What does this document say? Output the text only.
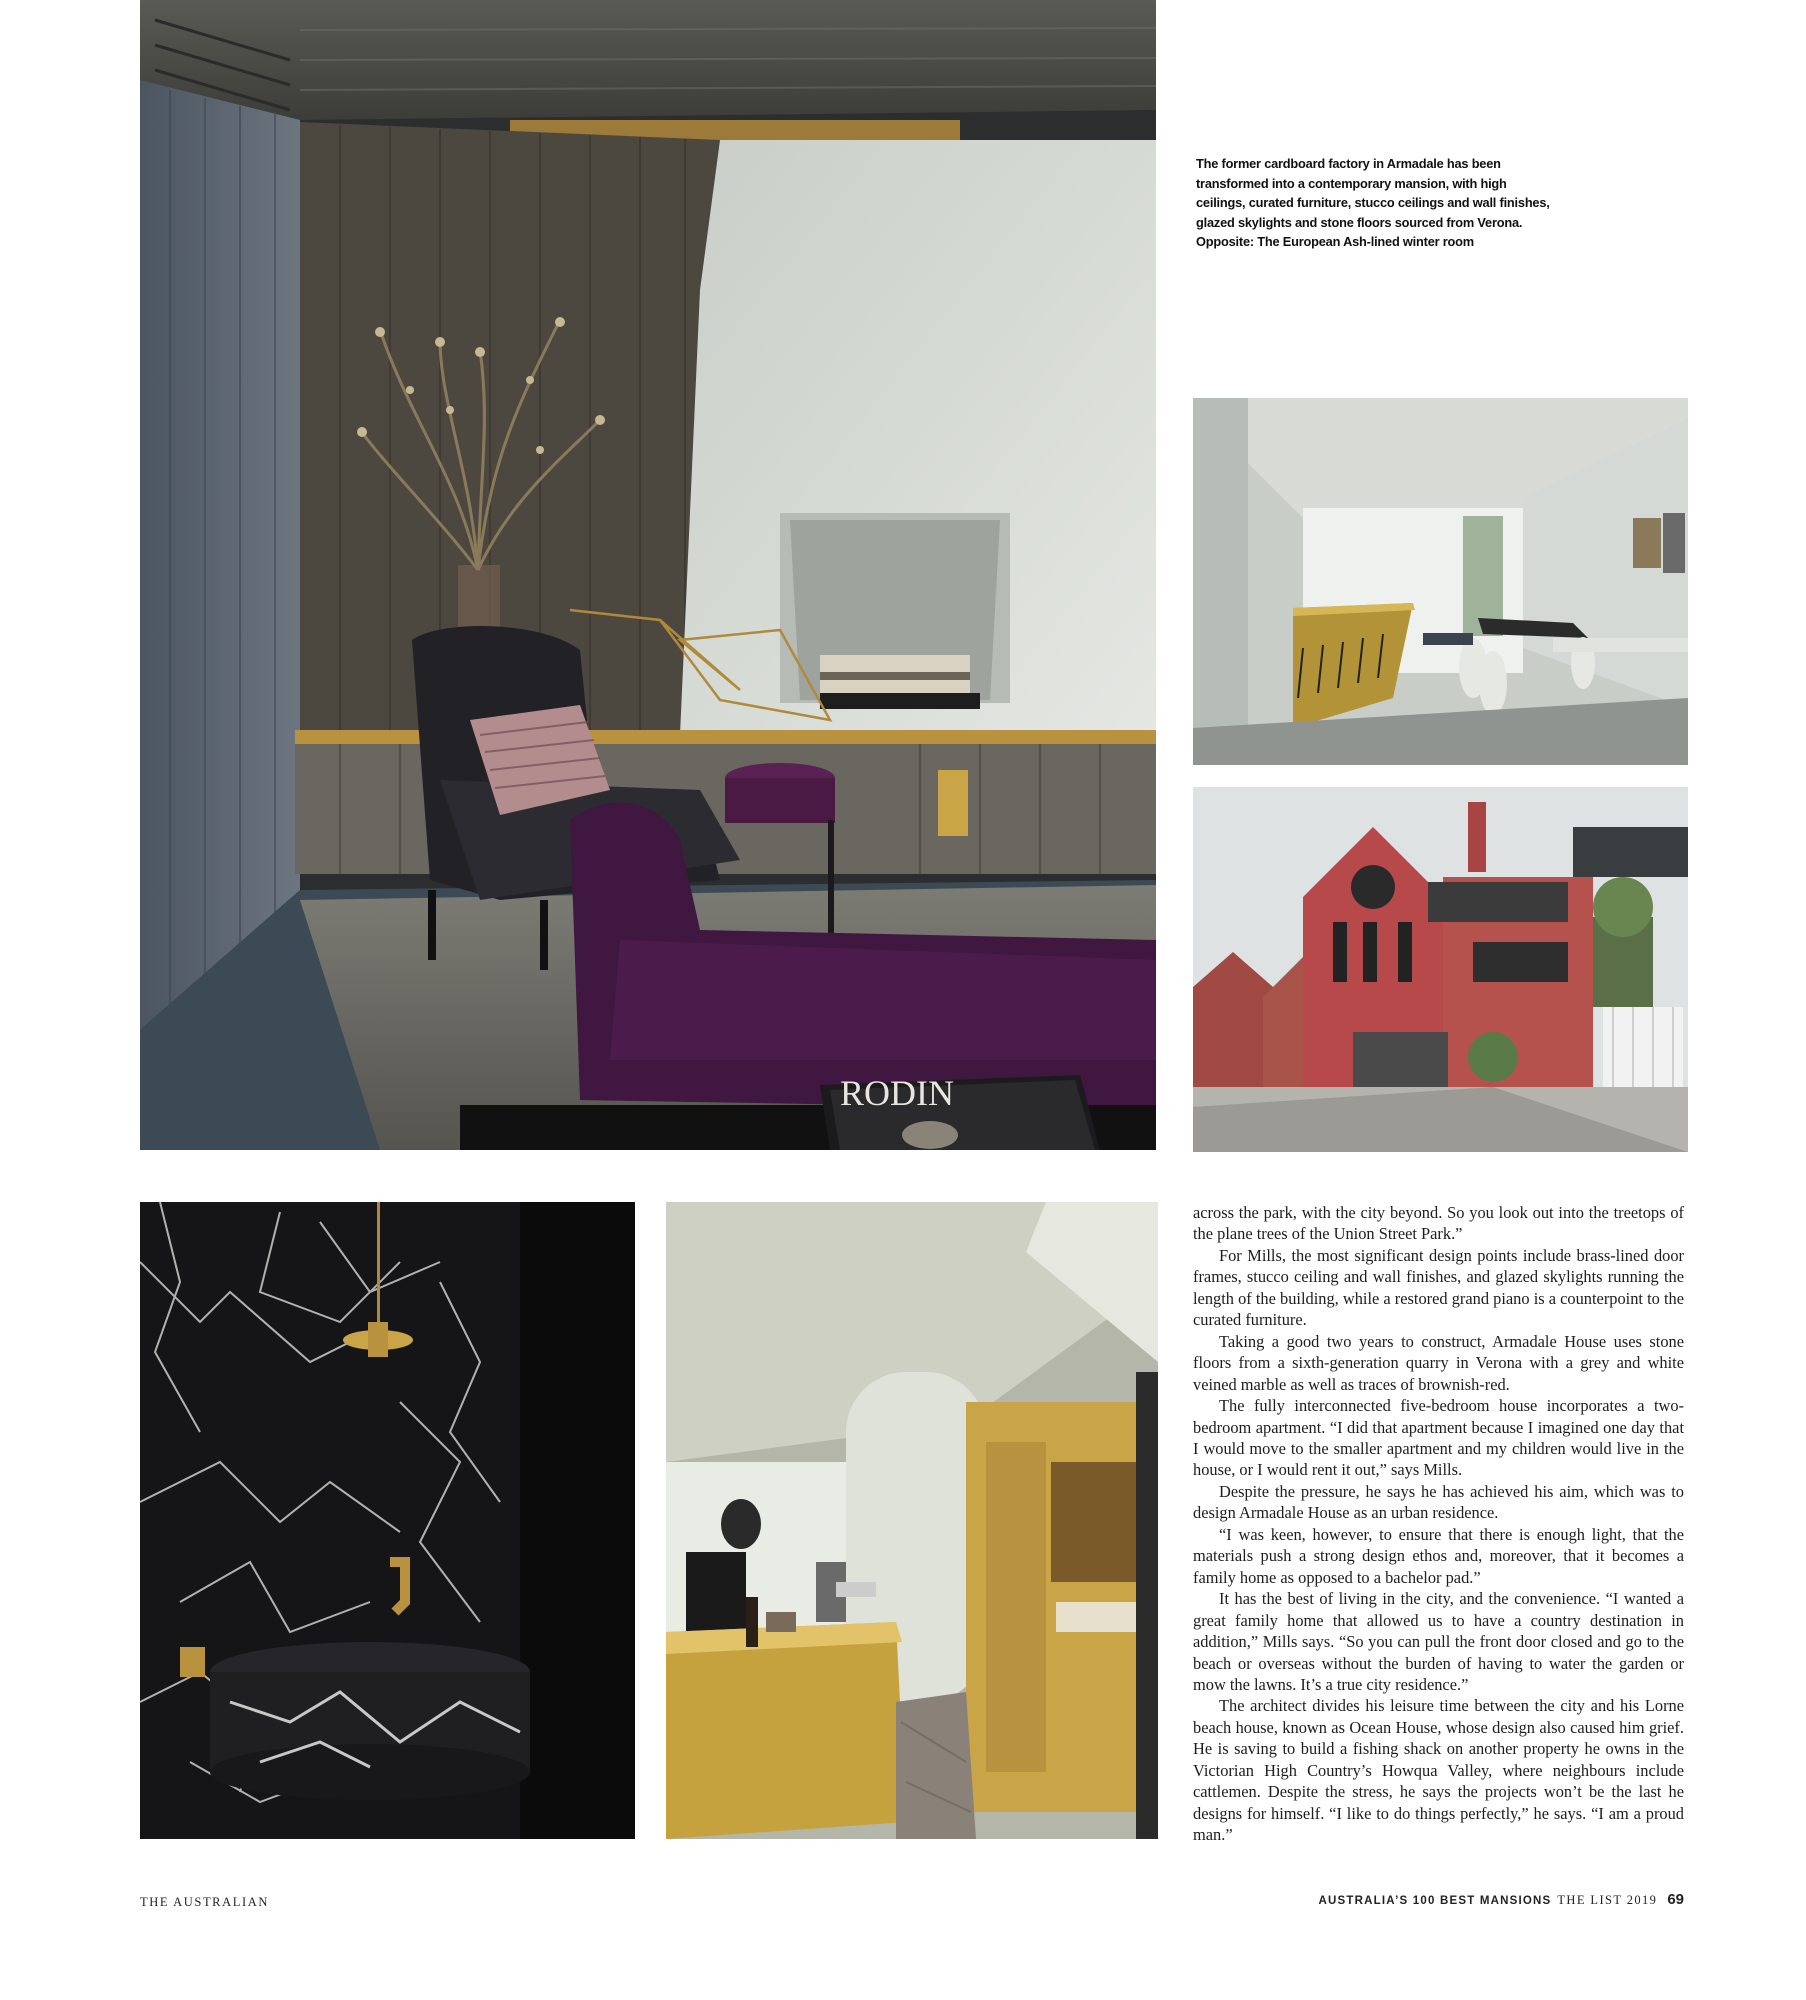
RODIN
The former cardboard factory in Armadale has been transformed into a contemporary mansion, with high ceilings, curated furniture, stucco ceilings and wall finishes, glazed skylights and stone floors sourced from Verona. Opposite: The European Ash-lined winter room

across the park, with the city beyond. So you look out into the treetops of the plane trees of the Union Street Park.”

For Mills, the most significant design points include brass-lined door frames, stucco ceiling and wall finishes, and glazed skylights running the length of the building, while a restored grand piano is a counterpoint to the curated furniture.

Taking a good two years to construct, Armadale House uses stone floors from a sixth-generation quarry in Verona with a grey and white veined marble as well as traces of brownish-red.

The fully interconnected five-bedroom house incorporates a two-bedroom apartment. “I did that apartment because I imagined one day that I would move to the smaller apartment and my children would live in the house, or I would rent it out,” says Mills.

Despite the pressure, he says he has achieved his aim, which was to design Armadale House as an urban residence.

“I was keen, however, to ensure that there is enough light, that the materials push a strong design ethos and, moreover, that it becomes a family home as opposed to a bachelor pad.”

It has the best of living in the city, and the convenience. “I wanted a great family home that allowed us to have a country destination in addition,” Mills says. “So you can pull the front door closed and go to the beach or overseas without the burden of having to water the garden or mow the lawns. It’s a true city residence.”

The architect divides his leisure time between the city and his Lorne beach house, known as Ocean House, whose design also caused him grief. He is saving to build a fishing shack on another property he owns in the Victorian High Country’s Howqua Valley, where neighbours include cattlemen. Despite the stress, he says the projects won’t be the last he designs for himself. “I like to do things perfectly,” he says. “I am a proud man.”

THE AUSTRALIAN	AUSTRALIA’S 100 BEST MANSIONS THE LIST 2019 69
